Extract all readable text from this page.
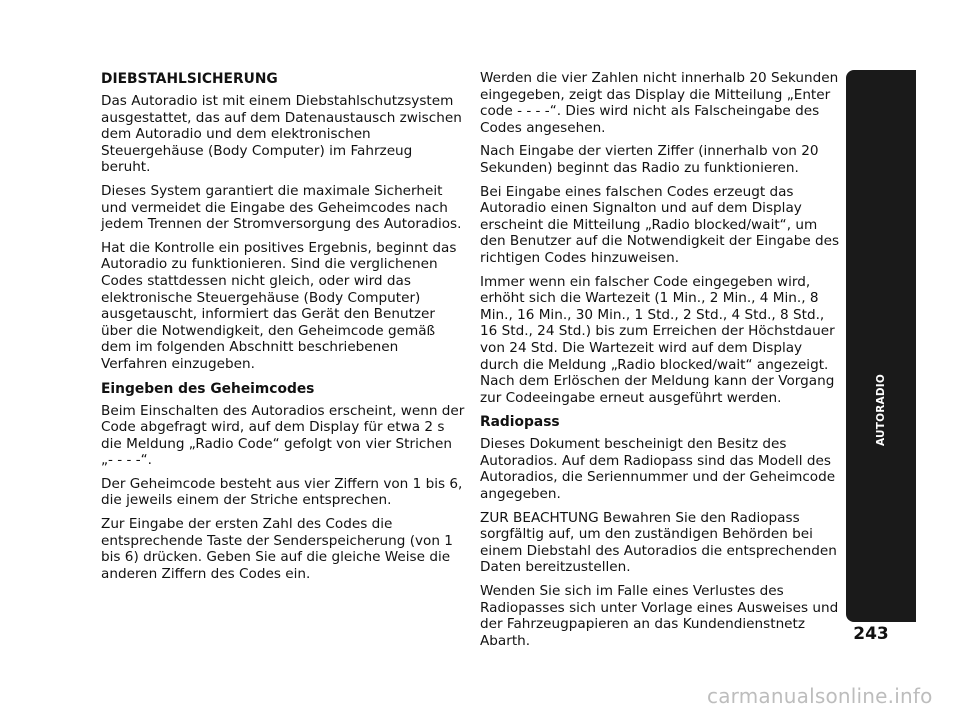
DIEBSTAHLSICHERUNG

Das Autoradio ist mit einem Diebstahlschutzsystem ausgestattet, das auf dem Datenaustausch zwischen dem Autoradio und dem elektronischen Steuergehäuse (Body Computer) im Fahrzeug beruht.

Dieses System garantiert die maximale Sicherheit und vermeidet die Eingabe des Geheimcodes nach jedem Trennen der Stromversorgung des Autoradios.

Hat die Kontrolle ein positives Ergebnis, beginnt das Autoradio zu funktionieren. Sind die verglichenen Codes stattdessen nicht gleich, oder wird das elektronische Steuergehäuse (Body Computer) ausgetauscht, informiert das Gerät den Benutzer über die Notwendigkeit, den Geheimcode gemäß dem im folgenden Abschnitt beschriebenen Verfahren einzugeben.

Eingeben des Geheimcodes

Beim Einschalten des Autoradios erscheint, wenn der Code abgefragt wird, auf dem Display für etwa 2 s die Meldung „Radio Code“ gefolgt von vier Strichen „- - - -“.

Der Geheimcode besteht aus vier Ziffern von 1 bis 6, die jeweils einem der Striche entsprechen.

Zur Eingabe der ersten Zahl des Codes die entsprechende Taste der Senderspeicherung (von 1 bis 6) drücken. Geben Sie auf die gleiche Weise die anderen Ziffern des Codes ein.

Werden die vier Zahlen nicht innerhalb 20 Sekunden eingegeben, zeigt das Display die Mitteilung „Enter code - - - -“. Dies wird nicht als Falscheingabe des Codes angesehen.

Nach Eingabe der vierten Ziffer (innerhalb von 20 Sekunden) beginnt das Radio zu funktionieren.

Bei Eingabe eines falschen Codes erzeugt das Autoradio einen Signalton und auf dem Display erscheint die Mitteilung „Radio blocked/wait“, um den Benutzer auf die Notwendigkeit der Eingabe des richtigen Codes hinzuweisen.

Immer wenn ein falscher Code eingegeben wird, erhöht sich die Wartezeit (1 Min., 2 Min., 4 Min., 8 Min., 16 Min., 30 Min., 1 Std., 2 Std., 4 Std., 8 Std., 16 Std., 24 Std.) bis zum Erreichen der Höchstdauer von 24 Std. Die Wartezeit wird auf dem Display durch die Meldung „Radio blocked/wait“ angezeigt. Nach dem Erlöschen der Meldung kann der Vorgang zur Codeeingabe erneut ausgeführt werden.

Radiopass

Dieses Dokument bescheinigt den Besitz des Autoradios. Auf dem Radiopass sind das Modell des Autoradios, die Seriennummer und der Geheimcode angegeben.

ZUR BEACHTUNG Bewahren Sie den Radiopass sorgfältig auf, um den zuständigen Behörden bei einem Diebstahl des Autoradios die entsprechenden Daten bereitzustellen.

Wenden Sie sich im Falle eines Verlustes des Radiopasses sich unter Vorlage eines Ausweises und der Fahrzeugpapieren an das Kundendienstnetz Abarth.

AUTORADIO
243
carmanualsonline.info
